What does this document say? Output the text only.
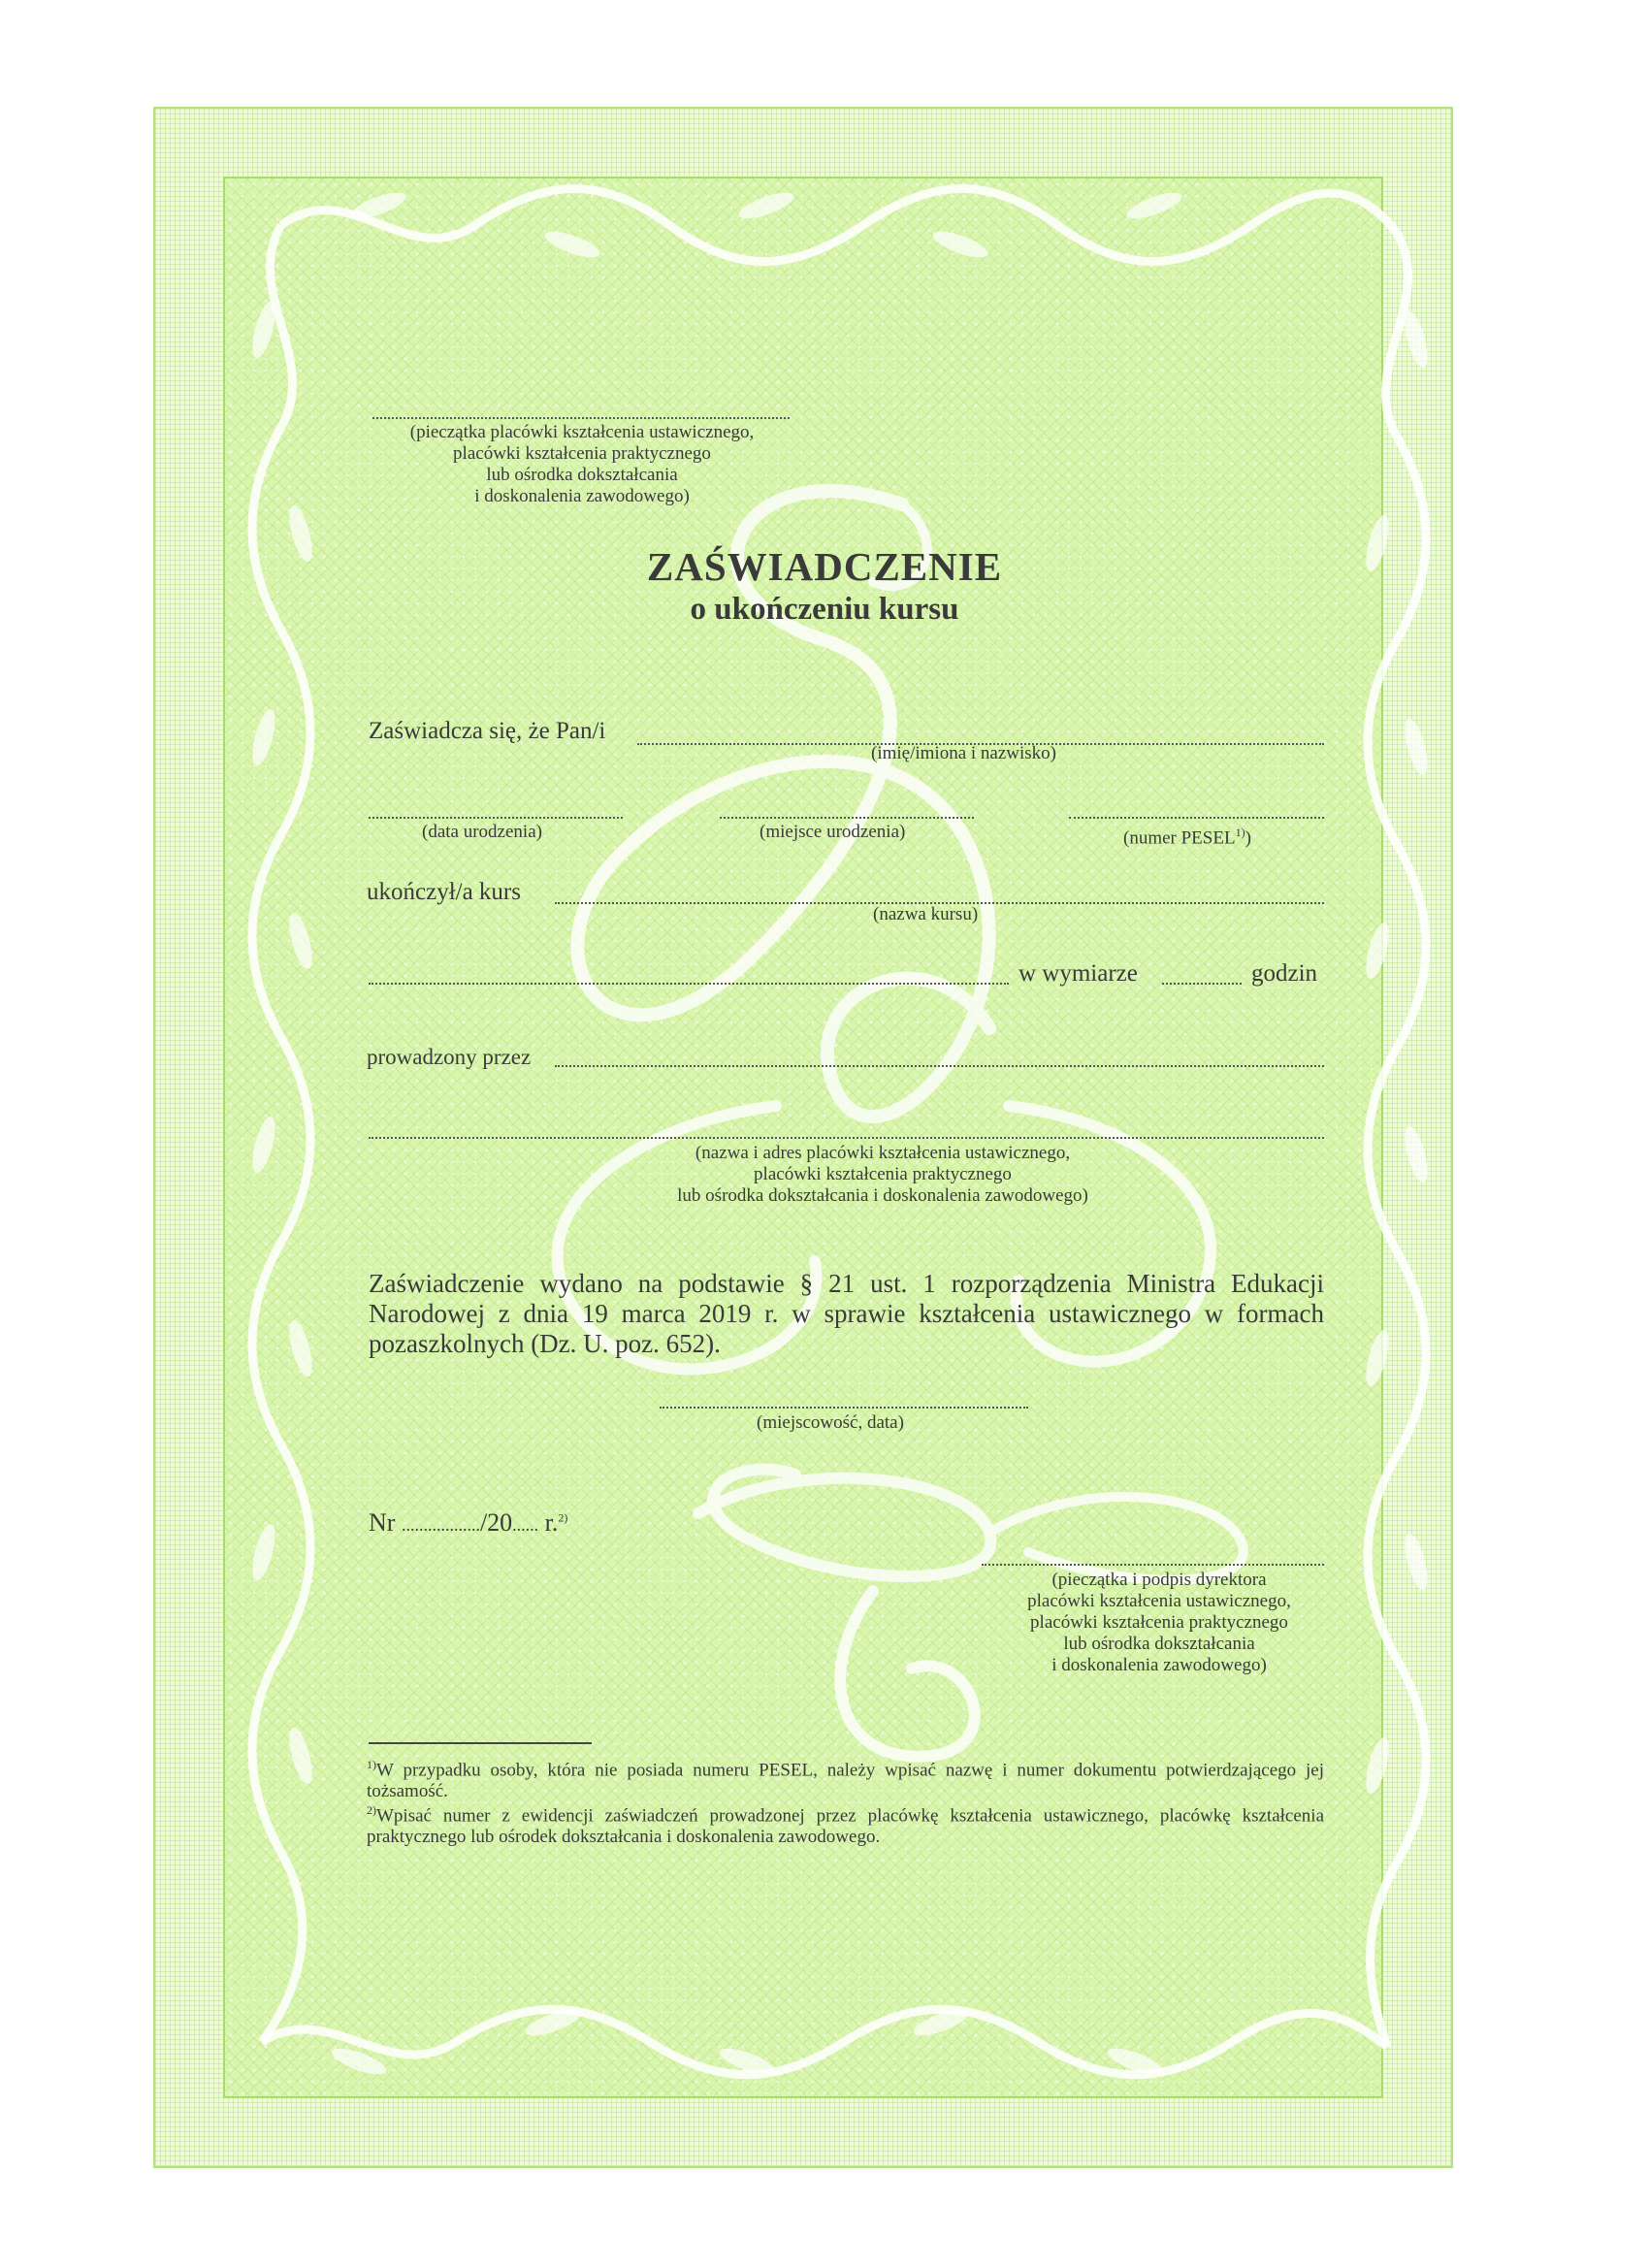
(pieczątka placówki kształcenia ustawicznego,
placówki kształcenia praktycznego
lub ośrodka dokształcania
i doskonalenia zawodowego)
ZAŚWIADCZENIE
o ukończeniu kursu
Zaświadcza się, że Pan/i
(imię/imiona i nazwisko)
(data urodzenia)	(miejsce urodzenia)	(numer PESEL$^{1)}$)
ukończył/a kurs
(nazwa kursu)
w wymiarze	godzin
prowadzony przez
(nazwa i adres placówki kształcenia ustawicznego,
placówki kształcenia praktycznego
lub ośrodka dokształcania i doskonalenia zawodowego)
Zaświadczenie wydano na podstawie § 21 ust. 1 rozporządzenia Ministra Edukacji Narodowej z dnia 19 marca 2019 r. w sprawie kształcenia ustawicznego w formach pozaszkolnych (Dz. U. poz. 652).
(miejscowość, data)
Nr ................../20...... r.$^{2)}$
(pieczątka i podpis dyrektora
placówki kształcenia ustawicznego,
placówki kształcenia praktycznego
lub ośrodka dokształcania
i doskonalenia zawodowego)
$^{1)}$W przypadku osoby, która nie posiada numeru PESEL, należy wpisać nazwę i numer dokumentu potwierdzającego jej tożsamość.
$^{2)}$Wpisać numer z ewidencji zaświadczeń prowadzonej przez placówkę kształcenia ustawicznego, placówkę kształcenia praktycznego lub ośrodek dokształcania i doskonalenia zawodowego.
